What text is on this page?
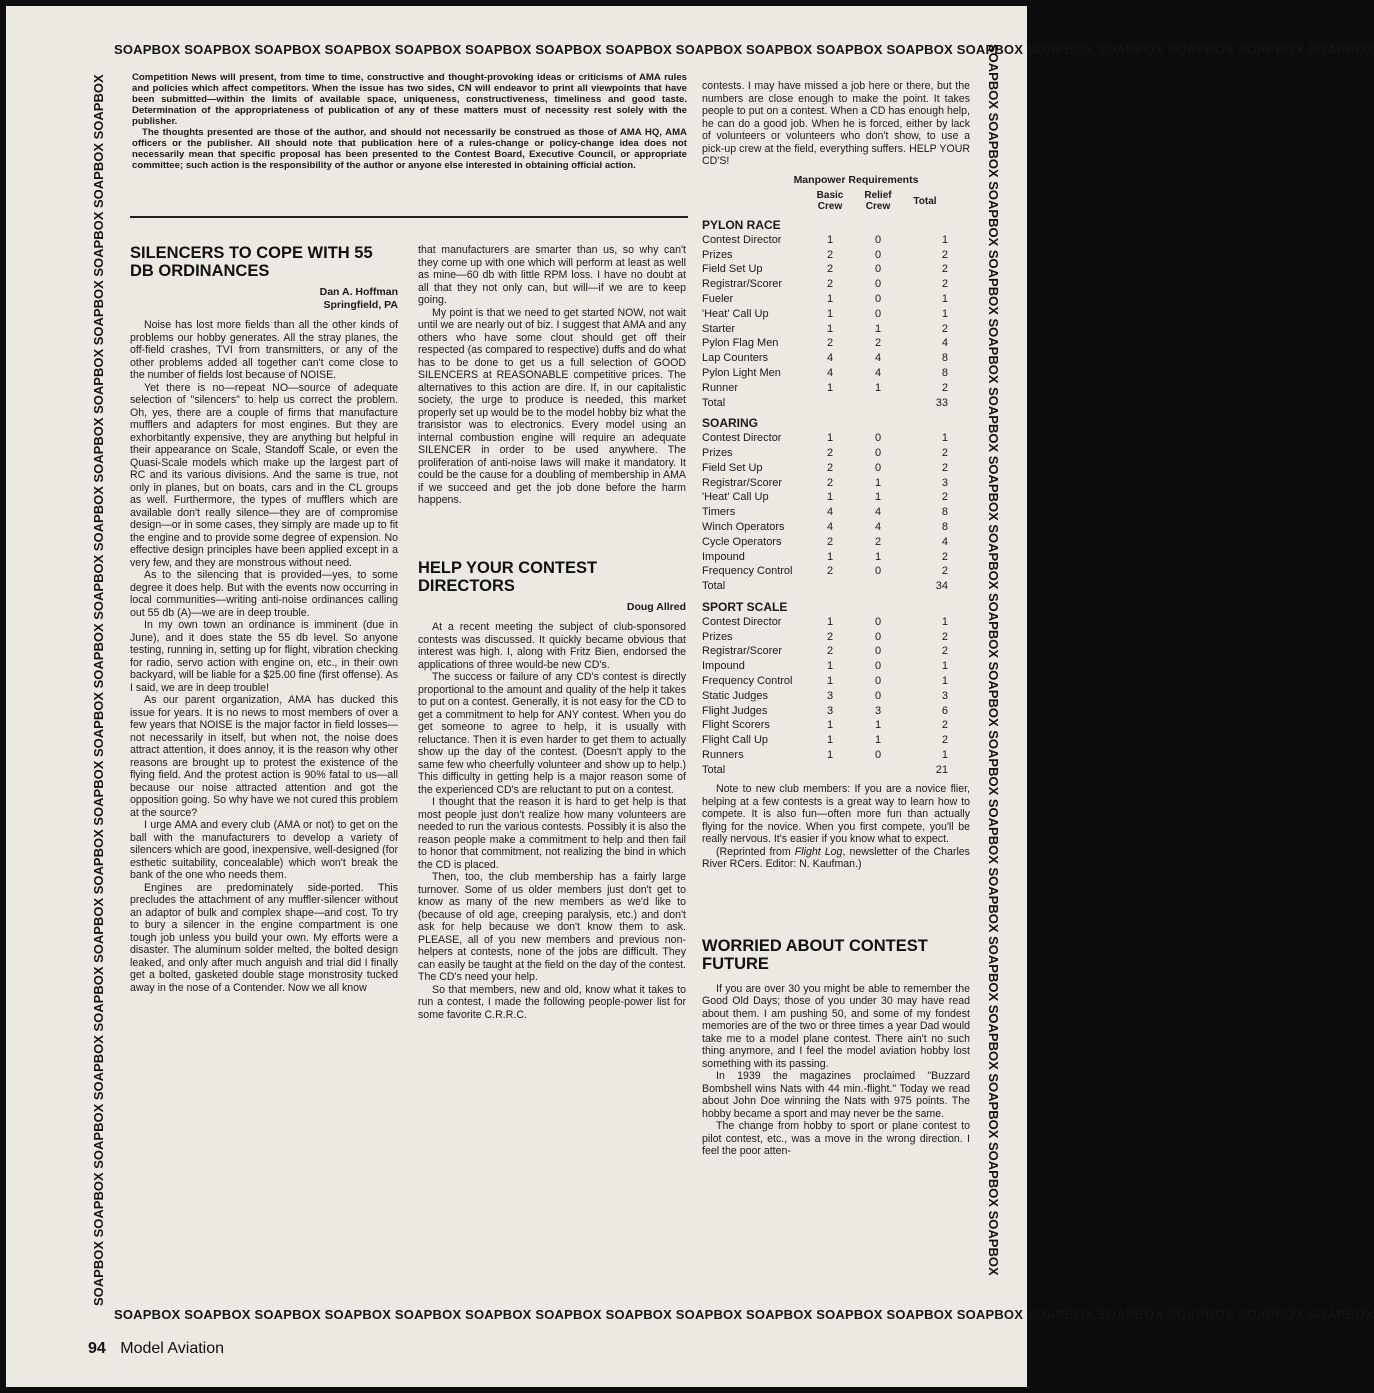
SOAPBOX SOAPBOX SOAPBOX SOAPBOX SOAPBOX SOAPBOX SOAPBOX SOAPBOX SOAPBOX SOAPBOX SOAPBOX SOAPBOX SOAPBOX SOAPBOX SOAPBOX SOAPBOX SOAPBOX SOAPBOX
SOAPBOX SOAPBOX SOAPBOX SOAPBOX SOAPBOX SOAPBOX SOAPBOX SOAPBOX SOAPBOX SOAPBOX SOAPBOX SOAPBOX SOAPBOX SOAPBOX SOAPBOX SOAPBOX SOAPBOX SOAPBOX	SOAPBOX SOAPBOX SOAPBOX SOAPBOX SOAPBOX SOAPBOX SOAPBOX SOAPBOX SOAPBOX SOAPBOX SOAPBOX SOAPBOX SOAPBOX SOAPBOX SOAPBOX SOAPBOX SOAPBOX SOAPBOX
SOAPBOX SOAPBOX SOAPBOX SOAPBOX SOAPBOX SOAPBOX SOAPBOX SOAPBOX SOAPBOX SOAPBOX SOAPBOX SOAPBOX SOAPBOX SOAPBOX SOAPBOX SOAPBOX SOAPBOX SOAPBOX

Competition News will present, from time to time, constructive and thought-provoking ideas or criticisms of AMA rules and policies which affect competitors. When the issue has two sides, CN will endeavor to print all viewpoints that have been submitted—within the limits of available space, uniqueness, constructiveness, timeliness and good taste. Determination of the appropriateness of publication of any of these matters must of necessity rest solely with the publisher.

The thoughts presented are those of the author, and should not necessarily be construed as those of AMA HQ, AMA officers or the publisher. All should note that publication here of a rules-change or policy-change idea does not necessarily mean that specific proposal has been presented to the Contest Board, Executive Council, or appropriate committee; such action is the responsibility of the author or anyone else interested in obtaining official action.

SILENCERS TO COPE WITH 55 DB ORDINANCES
Dan A. Hoffman
Springfield, PA

Noise has lost more fields than all the other kinds of problems our hobby generates. All the stray planes, the off-field crashes, TVI from transmitters, or any of the other problems added all together can't come close to the number of fields lost because of NOISE.

Yet there is no—repeat NO—source of adequate selection of "silencers" to help us correct the problem. Oh, yes, there are a couple of firms that manufacture mufflers and adapters for most engines. But they are exhorbitantly expensive, they are anything but helpful in their appearance on Scale, Standoff Scale, or even the Quasi-Scale models which make up the largest part of RC and its various divisions. And the same is true, not only in planes, but on boats, cars and in the CL groups as well. Furthermore, the types of mufflers which are available don't really silence—they are of compromise design—or in some cases, they simply are made up to fit the engine and to provide some degree of expension. No effective design principles have been applied except in a very few, and they are monstrous without need.

As to the silencing that is provided—yes, to some degree it does help. But with the events now occurring in local communities—writing anti-noise ordinances calling out 55 db (A)—we are in deep trouble.

In my own town an ordinance is imminent (due in June), and it does state the 55 db level. So anyone testing, running in, setting up for flight, vibration checking for radio, servo action with engine on, etc., in their own backyard, will be liable for a $25.00 fine (first offense). As I said, we are in deep trouble!

As our parent organization, AMA has ducked this issue for years. It is no news to most members of over a few years that NOISE is the major factor in field losses—not necessarily in itself, but when not, the noise does attract attention, it does annoy, it is the reason why other reasons are brought up to protest the existence of the flying field. And the protest action is 90% fatal to us—all because our noise attracted attention and got the opposition going. So why have we not cured this problem at the source?

I urge AMA and every club (AMA or not) to get on the ball with the manufacturers to develop a variety of silencers which are good, inexpensive, well-designed (for esthetic suitability, concealable) which won't break the bank of the one who needs them.

Engines are predominately side-ported. This precludes the attachment of any muffler-silencer without an adaptor of bulk and complex shape—and cost. To try to bury a silencer in the engine compartment is one tough job unless you build your own. My efforts were a disaster. The aluminum solder melted, the bolted design leaked, and only after much anguish and trial did I finally get a bolted, gasketed double stage monstrosity tucked away in the nose of a Contender. Now we all know

that manufacturers are smarter than us, so why can't they come up with one which will perform at least as well as mine—60 db with little RPM loss. I have no doubt at all that they not only can, but will—if we are to keep going.

My point is that we need to get started NOW, not wait until we are nearly out of biz. I suggest that AMA and any others who have some clout should get off their respected (as compared to respective) duffs and do what has to be done to get us a full selection of GOOD SILENCERS at REASONABLE competitive prices. The alternatives to this action are dire. If, in our capitalistic society, the urge to produce is needed, this market properly set up would be to the model hobby biz what the transistor was to electronics. Every model using an internal combustion engine will require an adequate SILENCER in order to be used anywhere. The proliferation of anti-noise laws will make it mandatory. It could be the cause for a doubling of membership in AMA if we succeed and get the job done before the harm happens.

HELP YOUR CONTEST DIRECTORS
Doug Allred

At a recent meeting the subject of club-sponsored contests was discussed. It quickly became obvious that interest was high. I, along with Fritz Bien, endorsed the applications of three would-be new CD's.

The success or failure of any CD's contest is directly proportional to the amount and quality of the help it takes to put on a contest. Generally, it is not easy for the CD to get a commitment to help for ANY contest. When you do get someone to agree to help, it is usually with reluctance. Then it is even harder to get them to actually show up the day of the contest. (Doesn't apply to the same few who cheerfully volunteer and show up to help.) This difficulty in getting help is a major reason some of the experienced CD's are reluctant to put on a contest.

I thought that the reason it is hard to get help is that most people just don't realize how many volunteers are needed to run the various contests. Possibly it is also the reason people make a commitment to help and then fail to honor that commitment, not realizing the bind in which the CD is placed.

Then, too, the club membership has a fairly large turnover. Some of us older members just don't get to know as many of the new members as we'd like to (because of old age, creeping paralysis, etc.) and don't ask for help because we don't know them to ask. PLEASE, all of you new members and previous non-helpers at contests, none of the jobs are difficult. They can easily be taught at the field on the day of the contest. The CD's need your help.

So that members, new and old, know what it takes to run a contest, I made the following people-power list for some favorite C.R.R.C.

contests. I may have missed a job here or there, but the numbers are close enough to make the point. It takes people to put on a contest. When a CD has enough help, he can do a good job. When he is forced, either by lack of volunteers or volunteers who don't show, to use a pick-up crew at the field, everything suffers. HELP YOUR CD'S!

Manpower Requirements
	Basic Crew	Relief Crew	Total
PYLON RACE			
Contest Director	1	0	1
Prizes	2	0	2
Field Set Up	2	0	2
Registrar/Scorer	2	0	2
Fueler	1	0	1
'Heat' Call Up	1	0	1
Starter	1	1	2
Pylon Flag Men	2	2	4
Lap Counters	4	4	8
Pylon Light Men	4	4	8
Runner	1	1	2
Total			33
SOARING			
Contest Director	1	0	1
Prizes	2	0	2
Field Set Up	2	0	2
Registrar/Scorer	2	1	3
'Heat' Call Up	1	1	2
Timers	4	4	8
Winch Operators	4	4	8
Cycle Operators	2	2	4
Impound	1	1	2
Frequency Control	2	0	2
Total			34
SPORT SCALE			
Contest Director	1	0	1
Prizes	2	0	2
Registrar/Scorer	2	0	2
Impound	1	0	1
Frequency Control	1	0	1
Static Judges	3	0	3
Flight Judges	3	3	6
Flight Scorers	1	1	2
Flight Call Up	1	1	2
Runners	1	0	1
Total			21

Note to new club members: If you are a novice flier, helping at a few contests is a great way to learn how to compete. It is also fun—often more fun than actually flying for the novice. When you first compete, you'll be really nervous. It's easier if you know what to expect.

(Reprinted from Flight Log, newsletter of the Charles River RCers. Editor: N. Kaufman.)

WORRIED ABOUT CONTEST FUTURE

If you are over 30 you might be able to remember the Good Old Days; those of you under 30 may have read about them. I am pushing 50, and some of my fondest memories are of the two or three times a year Dad would take me to a model plane contest. There ain't no such thing anymore, and I feel the model aviation hobby lost something with its passing.

In 1939 the magazines proclaimed "Buzzard Bombshell wins Nats with 44 min.-flight." Today we read about John Doe winning the Nats with 975 points. The hobby became a sport and may never be the same.

The change from hobby to sport or plane contest to pilot contest, etc., was a move in the wrong direction. I feel the poor atten-

94 Model Aviation
